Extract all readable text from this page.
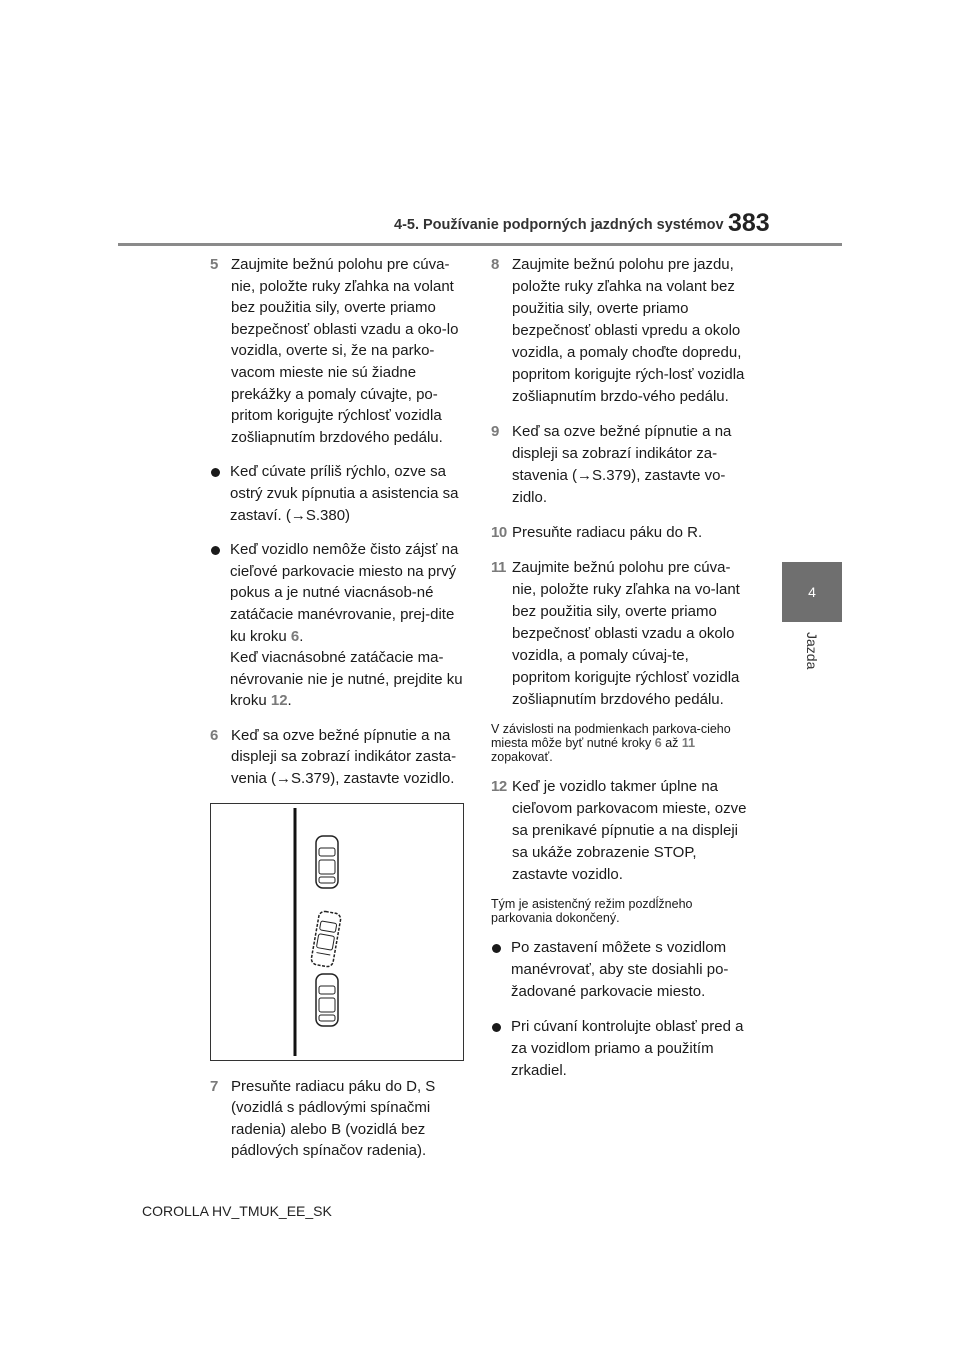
4-5. Používanie podporných jazdných systémov 383
4
Jazda
5 Zaujmite bežnú polohu pre cúva-nie, položte ruky zľahka na volant bez použitia sily, overte priamo bezpečnosť oblasti vzadu a oko-lo vozidla, overte si, že na parko-vacom mieste nie sú žiadne prekážky a pomaly cúvajte, po-pritom korigujte rýchlosť vozidla zošliapnutím brzdového pedálu.
Keď cúvate príliš rýchlo, ozve sa ostrý zvuk pípnutia a asistencia sa zastaví. (→S.380)
Keď vozidlo nemôže čisto zájsť na cieľové parkovacie miesto na prvý pokus a je nutné viacnásob-né zatáčacie manévrovanie, prej-dite ku kroku 6.
Keď viacnásobné zatáčacie ma-névrovanie nie je nutné, prejdite ku kroku 12.
6 Keď sa ozve bežné pípnutie a na displeji sa zobrazí indikátor zasta-venia (→S.379), zastavte vozidlo.
7 Presuňte radiacu páku do D, S (vozidlá s pádlovými spínačmi radenia) alebo B (vozidlá bez pádlových spínačov radenia).
8 Zaujmite bežnú polohu pre jazdu, položte ruky zľahka na volant bez použitia sily, overte priamo bezpečnosť oblasti vpredu a okolo vozidla, a pomaly choďte dopredu, popritom korigujte rých-losť vozidla zošliapnutím brzdo-vého pedálu.
9 Keď sa ozve bežné pípnutie a na displeji sa zobrazí indikátor za-stavenia (→S.379), zastavte vo-zidlo.
10 Presuňte radiacu páku do R.
11 Zaujmite bežnú polohu pre cúva-nie, položte ruky zľahka na vo-lant bez použitia sily, overte priamo bezpečnosť oblasti vzadu a okolo vozidla, a pomaly cúvaj-te, popritom korigujte rýchlosť vozidla zošliapnutím brzdového pedálu.
V závislosti na podmienkach parkova-cieho miesta môže byť nutné kroky 6 až 11 zopakovať.
12 Keď je vozidlo takmer úplne na cieľovom parkovacom mieste, ozve sa prenikavé pípnutie a na displeji sa ukáže zobrazenie STOP, zastavte vozidlo.
Tým je asistenčný režim pozdĺžneho parkovania dokončený.
Po zastavení môžete s vozidlom manévrovať, aby ste dosiahli po-žadované parkovacie miesto.
Pri cúvaní kontrolujte oblasť pred a za vozidlom priamo a použitím zrkadiel.
COROLLA HV_TMUK_EE_SK
